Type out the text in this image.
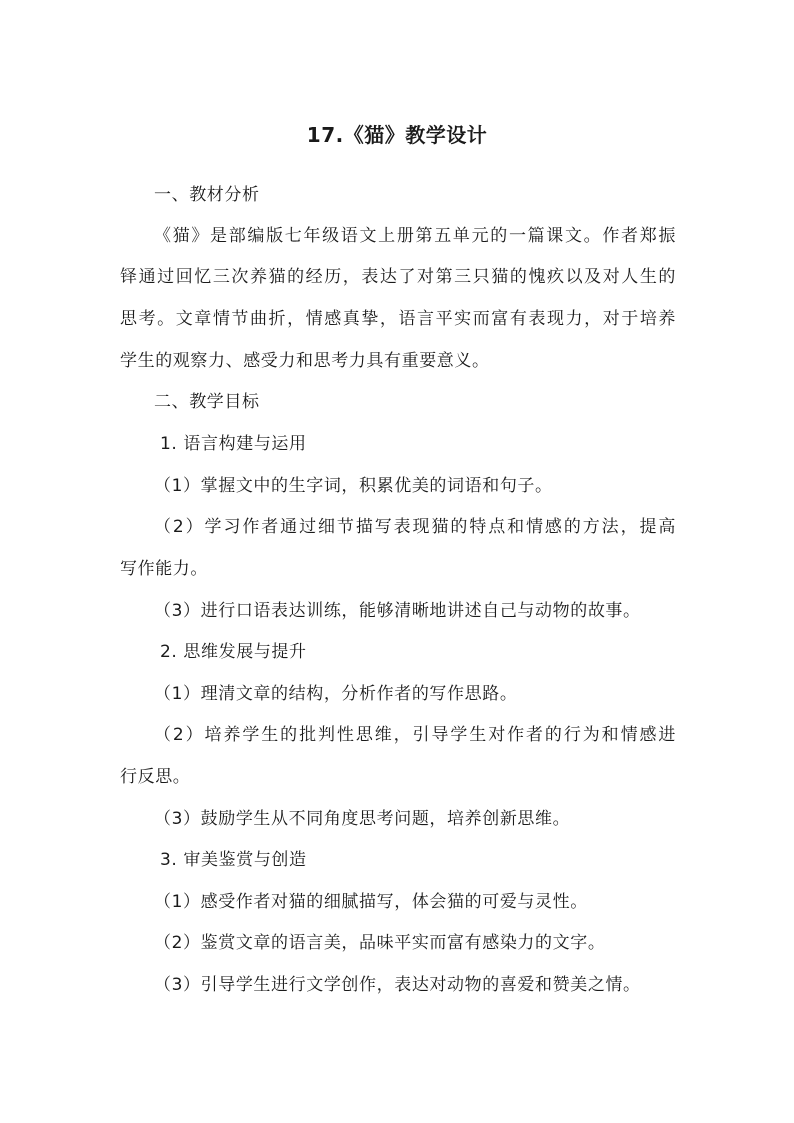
17.《猫》教学设计
一、教材分析
《猫》是部编版七年级语文上册第五单元的一篇课文。作者郑振
铎通过回忆三次养猫的经历，表达了对第三只猫的愧疚以及对人生的
思考。文章情节曲折，情感真挚，语言平实而富有表现力，对于培养
学生的观察力、感受力和思考力具有重要意义。
二、教学目标
1. 语言构建与运用
（1）掌握文中的生字词，积累优美的词语和句子。
（2）学习作者通过细节描写表现猫的特点和情感的方法，提高
写作能力。
（3）进行口语表达训练，能够清晰地讲述自己与动物的故事。
2. 思维发展与提升
（1）理清文章的结构，分析作者的写作思路。
（2）培养学生的批判性思维，引导学生对作者的行为和情感进
行反思。
（3）鼓励学生从不同角度思考问题，培养创新思维。
3. 审美鉴赏与创造
（1）感受作者对猫的细腻描写，体会猫的可爱与灵性。
（2）鉴赏文章的语言美，品味平实而富有感染力的文字。
（3）引导学生进行文学创作，表达对动物的喜爱和赞美之情。
